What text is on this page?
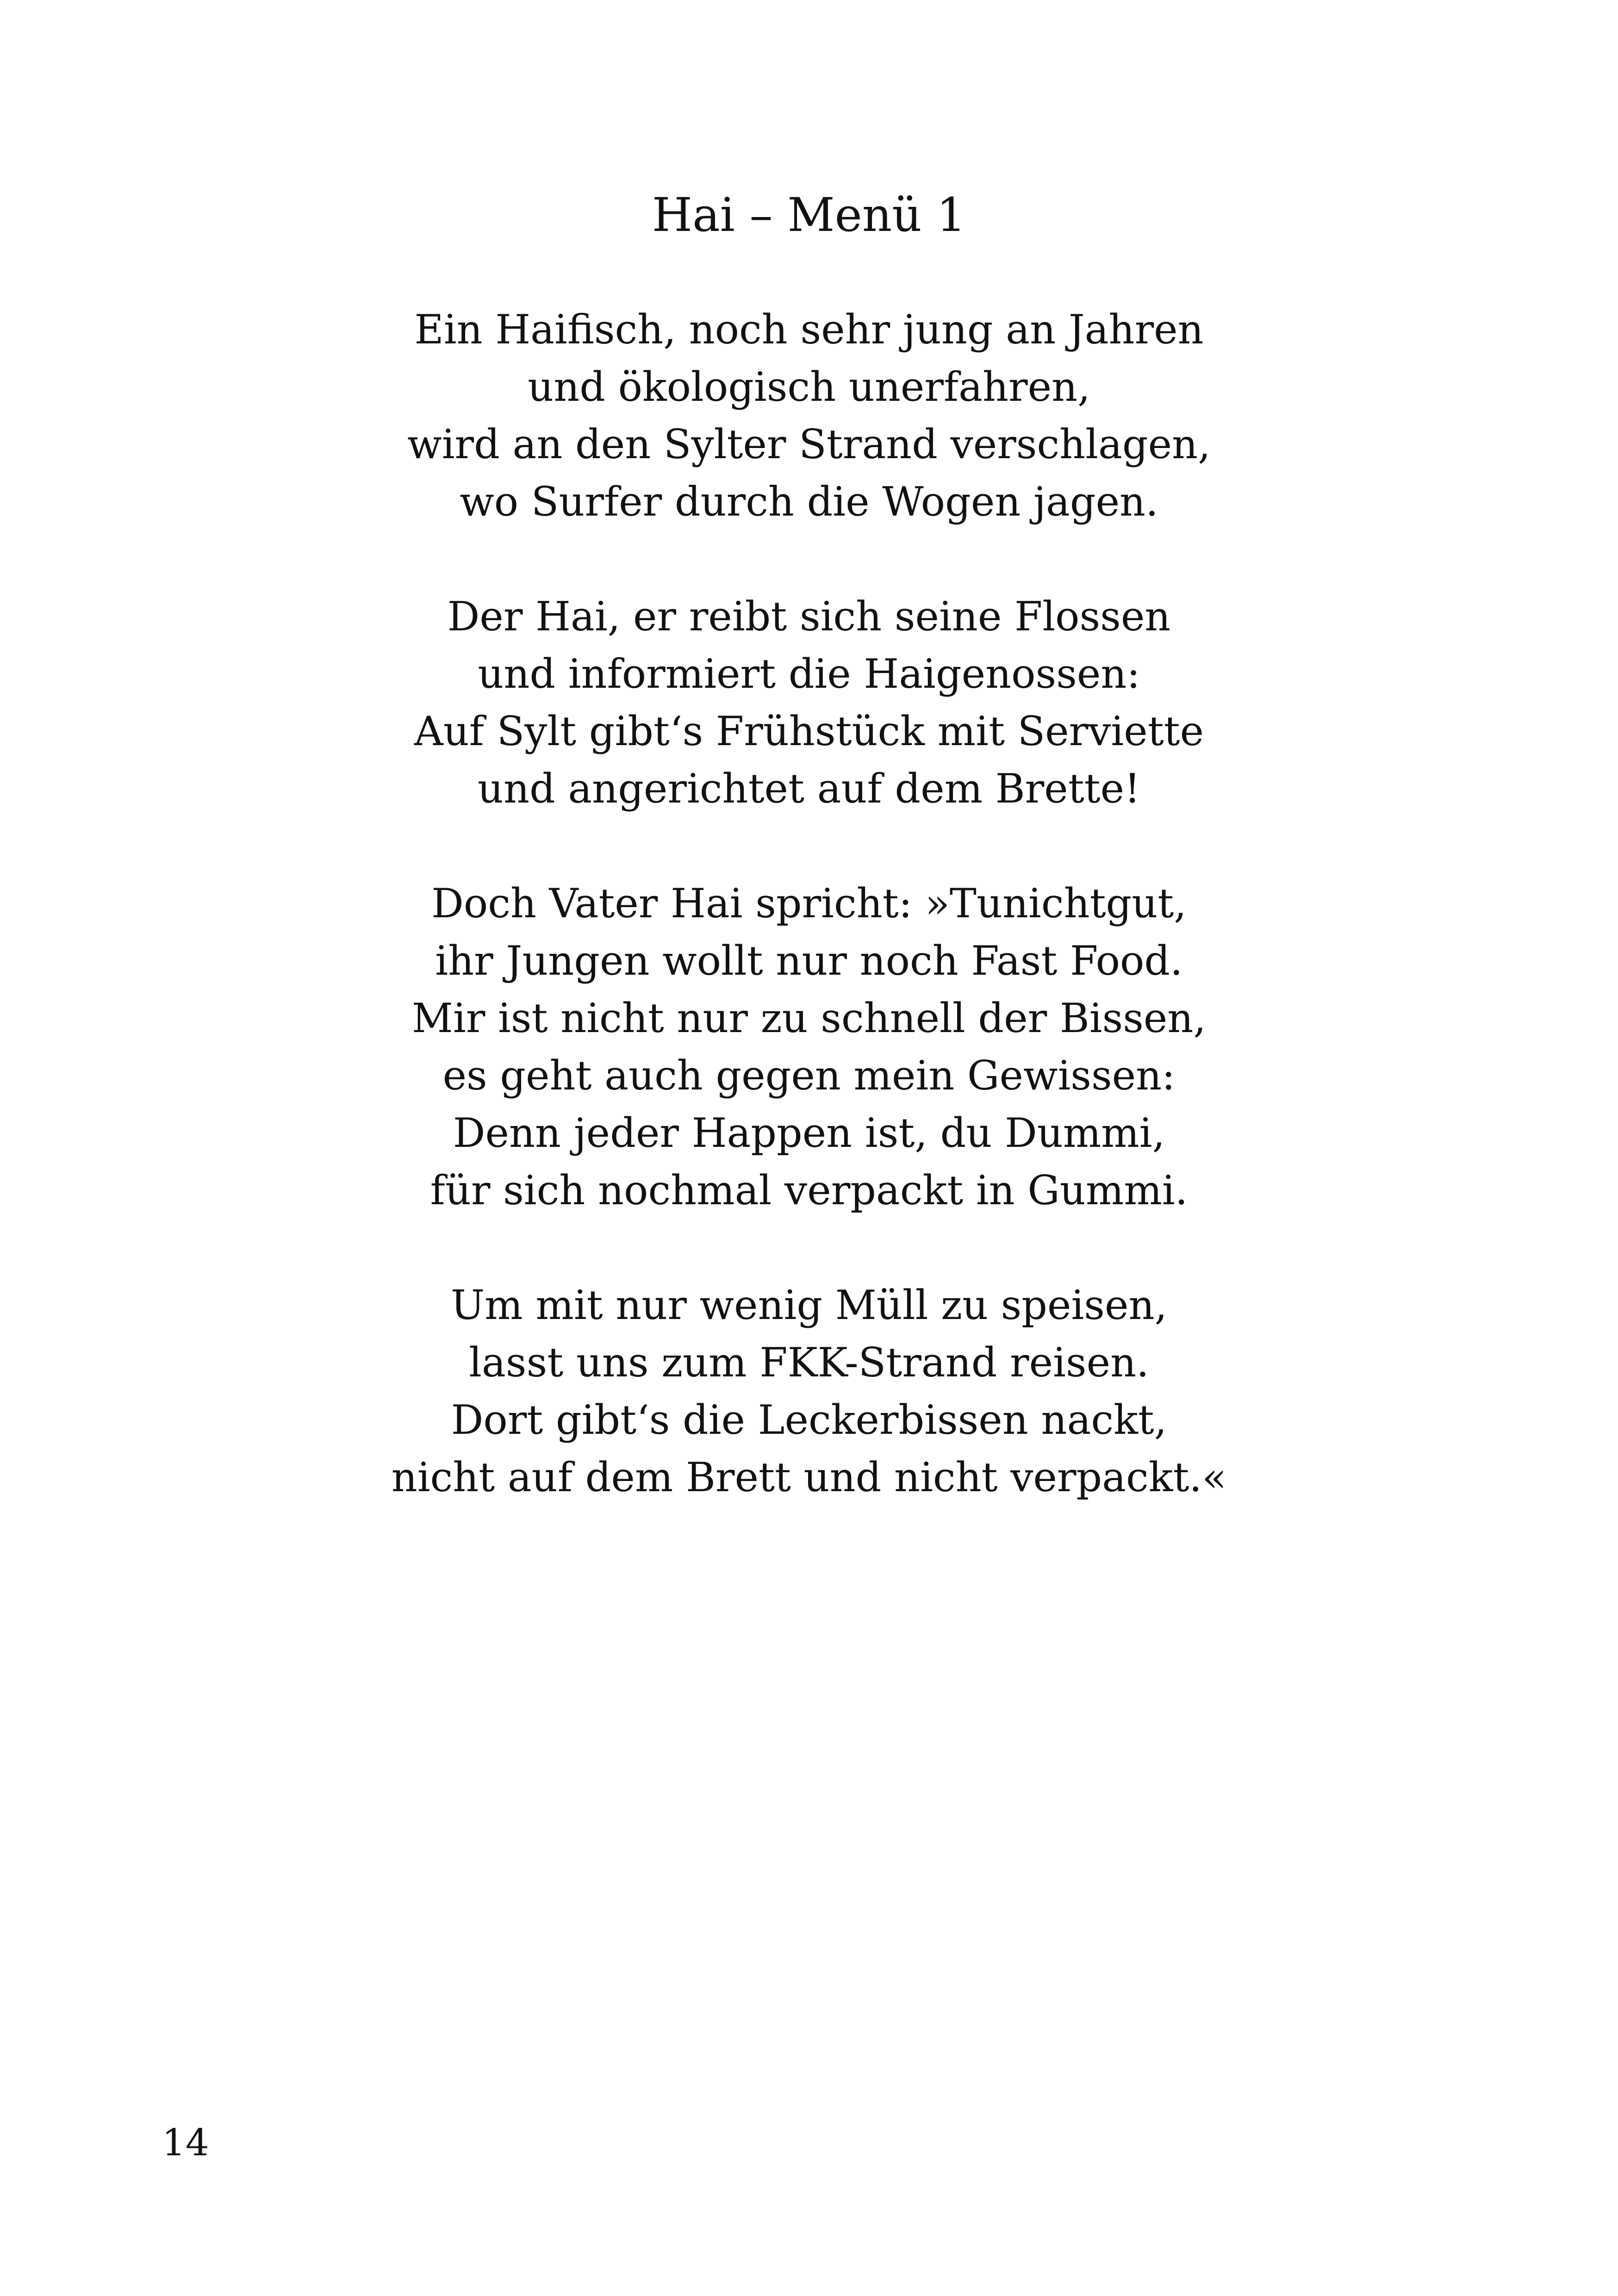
Hai – Menü 1
Ein Haifisch, noch sehr jung an Jahren
und ökologisch unerfahren,
wird an den Sylter Strand verschlagen,
wo Surfer durch die Wogen jagen.
Der Hai, er reibt sich seine Flossen
und informiert die Haigenossen:
Auf Sylt gibt‘s Frühstück mit Serviette
und angerichtet auf dem Brette!
Doch Vater Hai spricht: »Tunichtgut,
ihr Jungen wollt nur noch Fast Food.
Mir ist nicht nur zu schnell der Bissen,
es geht auch gegen mein Gewissen:
Denn jeder Happen ist, du Dummi,
für sich nochmal verpackt in Gummi.
Um mit nur wenig Müll zu speisen,
lasst uns zum FKK-Strand reisen.
Dort gibt‘s die Leckerbissen nackt,
nicht auf dem Brett und nicht verpackt.«
14
